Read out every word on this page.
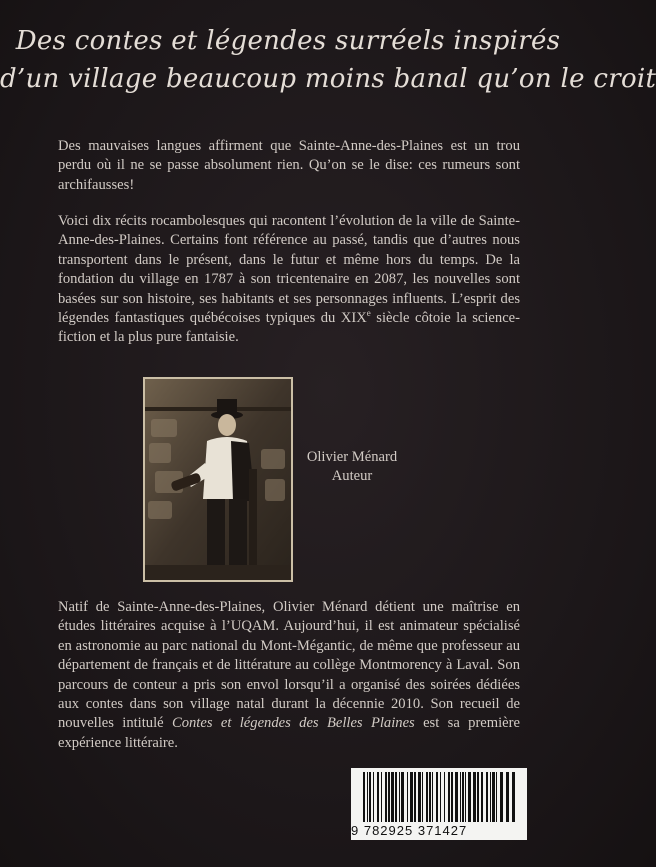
Des contes et légendes surréels inspirés
d’un village beaucoup moins banal qu’on le croit
Des mauvaises langues affirment que Sainte-Anne-des-Plaines est un trou perdu où il ne se passe absolument rien. Qu’on se le dise: ces rumeurs sont archifausses!
Voici dix récits rocambolesques qui racontent l’évolution de la ville de Sainte-Anne-des-Plaines. Certains font référence au passé, tandis que d’autres nous transportent dans le présent, dans le futur et même hors du temps. De la fondation du village en 1787 à son tricentenaire en 2087, les nouvelles sont basées sur son histoire, ses habitants et ses personnages influents. L’esprit des légendes fantastiques québécoises typiques du XIXe siècle côtoie la science-fiction et la plus pure fantaisie.
Olivier Ménard
Auteur
Natif de Sainte-Anne-des-Plaines, Olivier Ménard détient une maîtrise en études littéraires acquise à l’UQAM. Aujourd’hui, il est animateur spécialisé en astronomie au parc national du Mont-Mégantic, de même que professeur au département de français et de littérature au collège Montmorency à Laval. Son parcours de conteur a pris son envol lorsqu’il a organisé des soirées dédiées aux contes dans son village natal durant la décennie 2010. Son recueil de nouvelles intitulé Contes et légendes des Belles Plaines est sa première expérience littéraire.
9 782925 371427
